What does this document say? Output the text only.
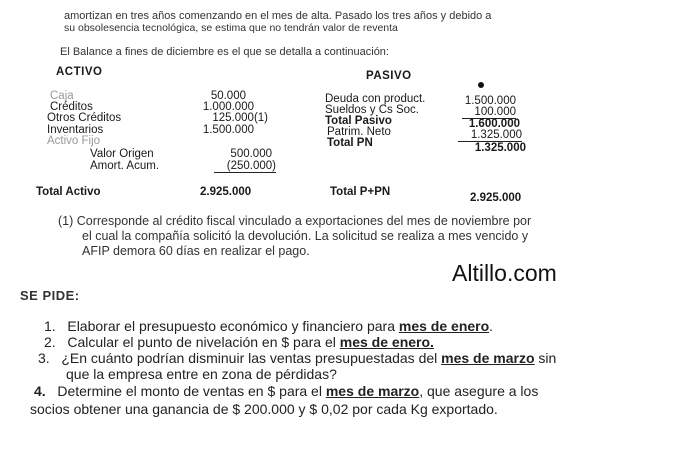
amortizan en tres años comenzando en el mes de alta. Pasado los tres años y debido a
su obsolesencia tecnológica, se estima que no tendrán valor de reventa
El Balance a fines de diciembre es el que se detalla a continuación:
ACTIVO
Caja	50.000
Créditos	1.000.000
Otros Créditos	125.000(1)
Inventarios	1.500.000
Activo Fijo
Valor Origen	500.000
Amort. Acum.	(250.000)
Total Activo	2.925.000
PASIVO
Deuda con product.	1.500.000
Sueldos y Cs Soc.	100.000
Total Pasivo	1.600.000
Patrim. Neto	1.325.000
Total PN	1.325.000
Total P+PN	2.925.000
(1) Corresponde al crédito fiscal vinculado a exportaciones del mes de noviembre por
el cual la compañía solicitó la devolución. La solicitud se realiza a mes vencido y
AFIP demora 60 días en realizar el pago.
Altillo.com
SE PIDE:
1. Elaborar el presupuesto económico y financiero para mes de enero.
2. Calcular el punto de nivelación en $ para el mes de enero.
3. ¿En cuánto podrían disminuir las ventas presupuestadas del mes de marzo sin
que la empresa entre en zona de pérdidas?
4. Determine el monto de ventas en $ para el mes de marzo, que asegure a los
socios obtener una ganancia de $ 200.000 y $ 0,02 por cada Kg exportado.
